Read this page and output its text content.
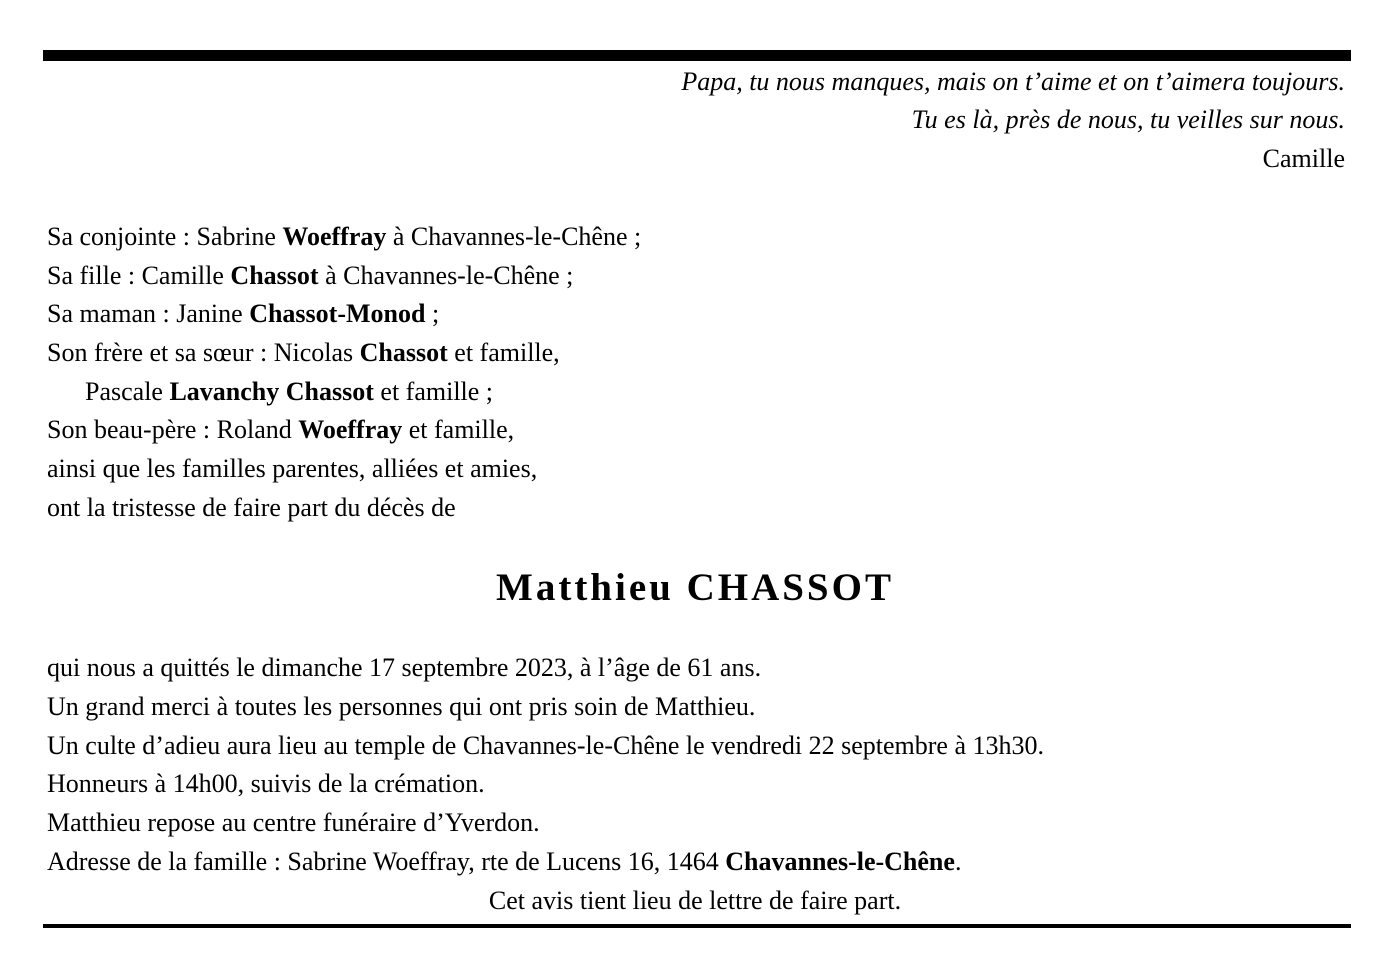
Papa, tu nous manques, mais on t’aime et on t’aimera toujours.
Tu es là, près de nous, tu veilles sur nous.
Camille
Sa conjointe : Sabrine Woeffray à Chavannes-le-Chêne ;
Sa fille : Camille Chassot à Chavannes-le-Chêne ;
Sa maman : Janine Chassot-Monod ;
Son frère et sa sœur : Nicolas Chassot et famille,
Pascale Lavanchy Chassot et famille ;
Son beau-père : Roland Woeffray et famille,
ainsi que les familles parentes, alliées et amies,
ont la tristesse de faire part du décès de
Matthieu CHASSOT
qui nous a quittés le dimanche 17 septembre 2023, à l’âge de 61 ans.
Un grand merci à toutes les personnes qui ont pris soin de Matthieu.
Un culte d’adieu aura lieu au temple de Chavannes-le-Chêne le vendredi 22 septembre à 13h30.
Honneurs à 14h00, suivis de la crémation.
Matthieu repose au centre funéraire d’Yverdon.
Adresse de la famille : Sabrine Woeffray, rte de Lucens 16, 1464 Chavannes-le-Chêne.
Cet avis tient lieu de lettre de faire part.
